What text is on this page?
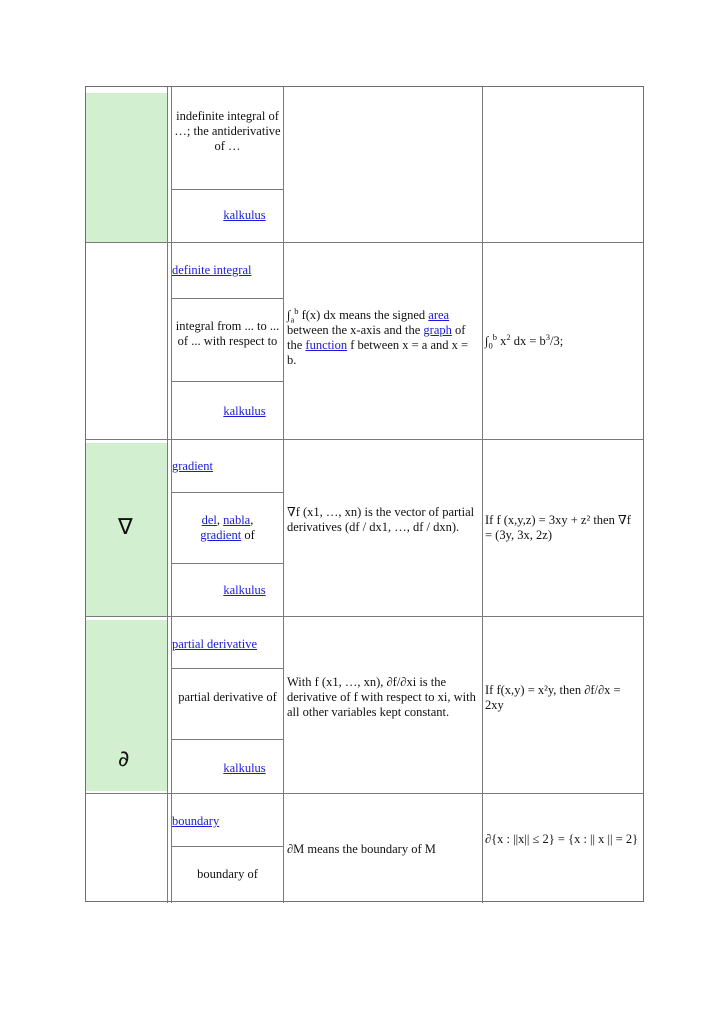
indefinite integral of …; the antiderivative of …
kalkulus
definite integral
integral from ... to ... of ... with respect to
kalkulus
$\int_a^b$ f(x) dx means the signed area between the x-axis and the graph of the function f between x = a and x = b.
$\int_0^b$ $x^2$ dx = $b^3/3$;
∇
gradient
del, nabla,
gradient of
kalkulus
∇f (x1, …, xn) is the vector of partial derivatives (df / dx1, …, df / dxn).	If f (x,y,z) = 3xy + z² then ∇f = (3y, 3x, 2z)
∂
partial derivative
partial derivative of
kalkulus
With f (x1, …, xn), ∂f/∂xi is the derivative of f with respect to xi, with all other variables kept constant.
If f(x,y) = x²y, then ∂f/∂x = 2xy
boundary
boundary of
∂M means the boundary of M
∂{x : ||x|| ≤ 2} = {x : || x || = 2}
